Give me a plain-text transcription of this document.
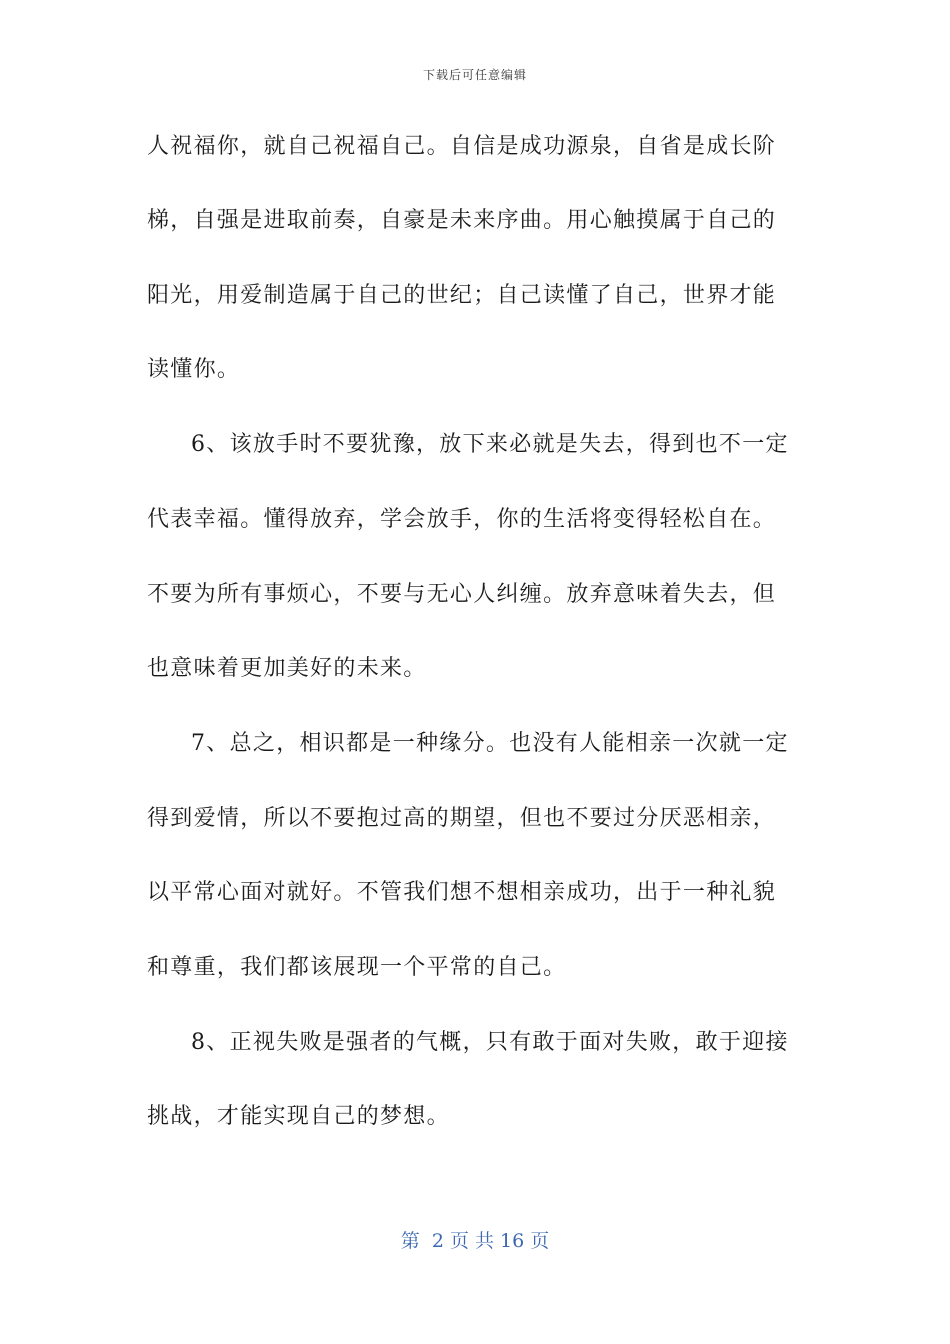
下载后可任意编辑
人祝福你，就自己祝福自己。自信是成功源泉，自省是成长阶
梯，自强是进取前奏，自豪是未来序曲。用心触摸属于自己的
阳光，用爱制造属于自己的世纪；自己读懂了自己，世界才能
读懂你。
6、该放手时不要犹豫，放下来必就是失去，得到也不一定
代表幸福。懂得放弃，学会放手，你的生活将变得轻松自在。
不要为所有事烦心，不要与无心人纠缠。放弃意味着失去，但
也意味着更加美好的未来。
7、总之，相识都是一种缘分。也没有人能相亲一次就一定
得到爱情，所以不要抱过高的期望，但也不要过分厌恶相亲，
以平常心面对就好。不管我们想不想相亲成功，出于一种礼貌
和尊重，我们都该展现一个平常的自己。
8、正视失败是强者的气概，只有敢于面对失败，敢于迎接
挑战，才能实现自己的梦想。
第  2 页 共 16 页
